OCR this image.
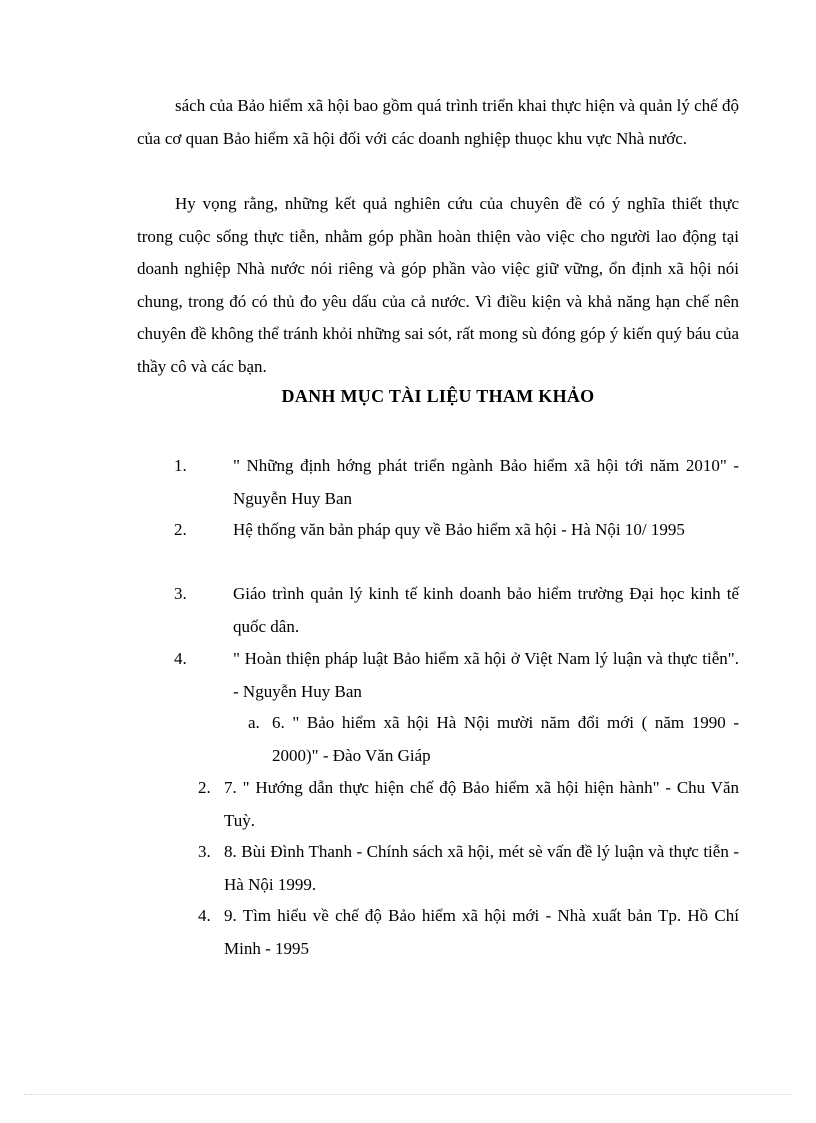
sách của Bảo hiểm xã hội bao gồm quá trình triển khai thực hiện và quản lý chế độ của cơ quan Bảo hiểm xã hội đối với các doanh nghiệp thuọc khu vực Nhà nước.

Hy vọng rằng, những kết quả nghiên cứu của chuyên đề có ý nghĩa thiết thực trong cuộc sống thực tiễn, nhằm góp phần hoàn thiện vào việc cho người lao động tại doanh nghiệp Nhà nước nói riêng và góp phần vào việc giữ vững, ổn định xã hội nói chung, trong đó có thủ đo yêu dấu của cả nước. Vì điều kiện và khả năng hạn chế nên chuyên đề không thể tránh khỏi những sai sót, rất mong sù đóng góp ý kiến quý báu của thầy cô và các bạn.

DANH MỤC TÀI LIỆU THAM KHẢO
1.	" Những định hớng phát triển ngành Bảo hiểm xã hội tới năm 2010" - Nguyễn Huy Ban
2.	Hệ thống văn bản pháp quy về Bảo hiểm xã hội - Hà Nội 10/ 1995
3.	Giáo trình quản lý kinh tế kinh doanh bảo hiểm trường Đại học kinh tế quốc dân.
4.	" Hoàn thiện pháp luật Bảo hiểm xã hội ở Việt Nam lý luận và thực tiễn". - Nguyễn Huy Ban
a. 6. " Bảo hiểm xã hội Hà Nội mười năm đổi mới ( năm 1990 - 2000)" - Đào Văn Giáp
2. 7. " Hướng dẫn thực hiện chế độ Bảo hiểm xã hội hiện hành" - Chu Văn Tuỳ.
3. 8. Bùi Đình Thanh - Chính sách xã hội, mét sè vấn đề lý luận và thực tiễn - Hà Nội 1999.
4. 9. Tìm hiểu về chế độ Bảo hiểm xã hội mới - Nhà xuất bản Tp. Hồ Chí Minh - 1995
